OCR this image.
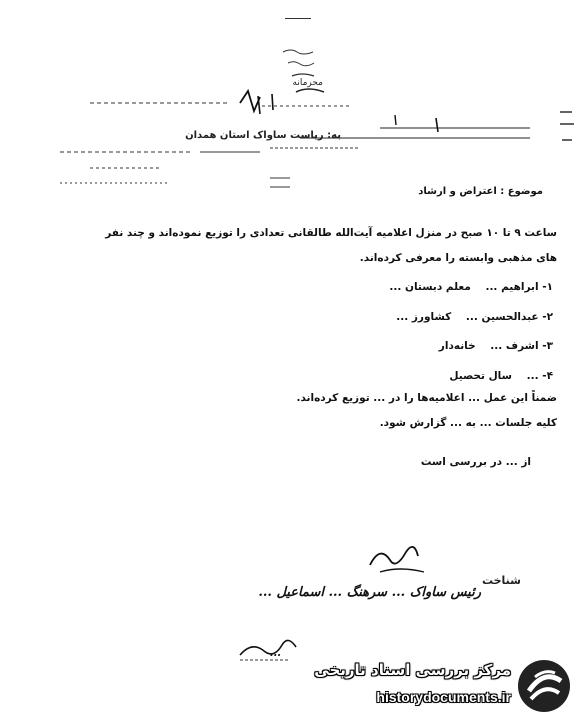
به: ریاست ساواک استان همدان
محرمانه
موضوع : اعتراض و ارشاد
ساعت ۹ تا ۱۰ صبح در منزل اعلامیه آیت‌الله طالقانی تعدادی را توزیع نموده‌اند و چند نفر
های مذهبی وابسته را معرفی کرده‌اند.
۱- ابراهیم ...    معلم دبستان ...
۲- عبدالحسین ...    کشاورز ...
۳- اشرف ...    خانه‌دار
۴- ...    سال تحصیل
ضمناً این عمل ... اعلامیه‌ها را در ... توزیع کرده‌اند.
کلیه جلسات ... به ... گزارش شود.
از ... در بررسی است
شناخت
رئیس ساواک ... سرهنگ ... اسماعیل ...
...
مرکز بررسی اسناد تاریخی
historydocuments.ir
